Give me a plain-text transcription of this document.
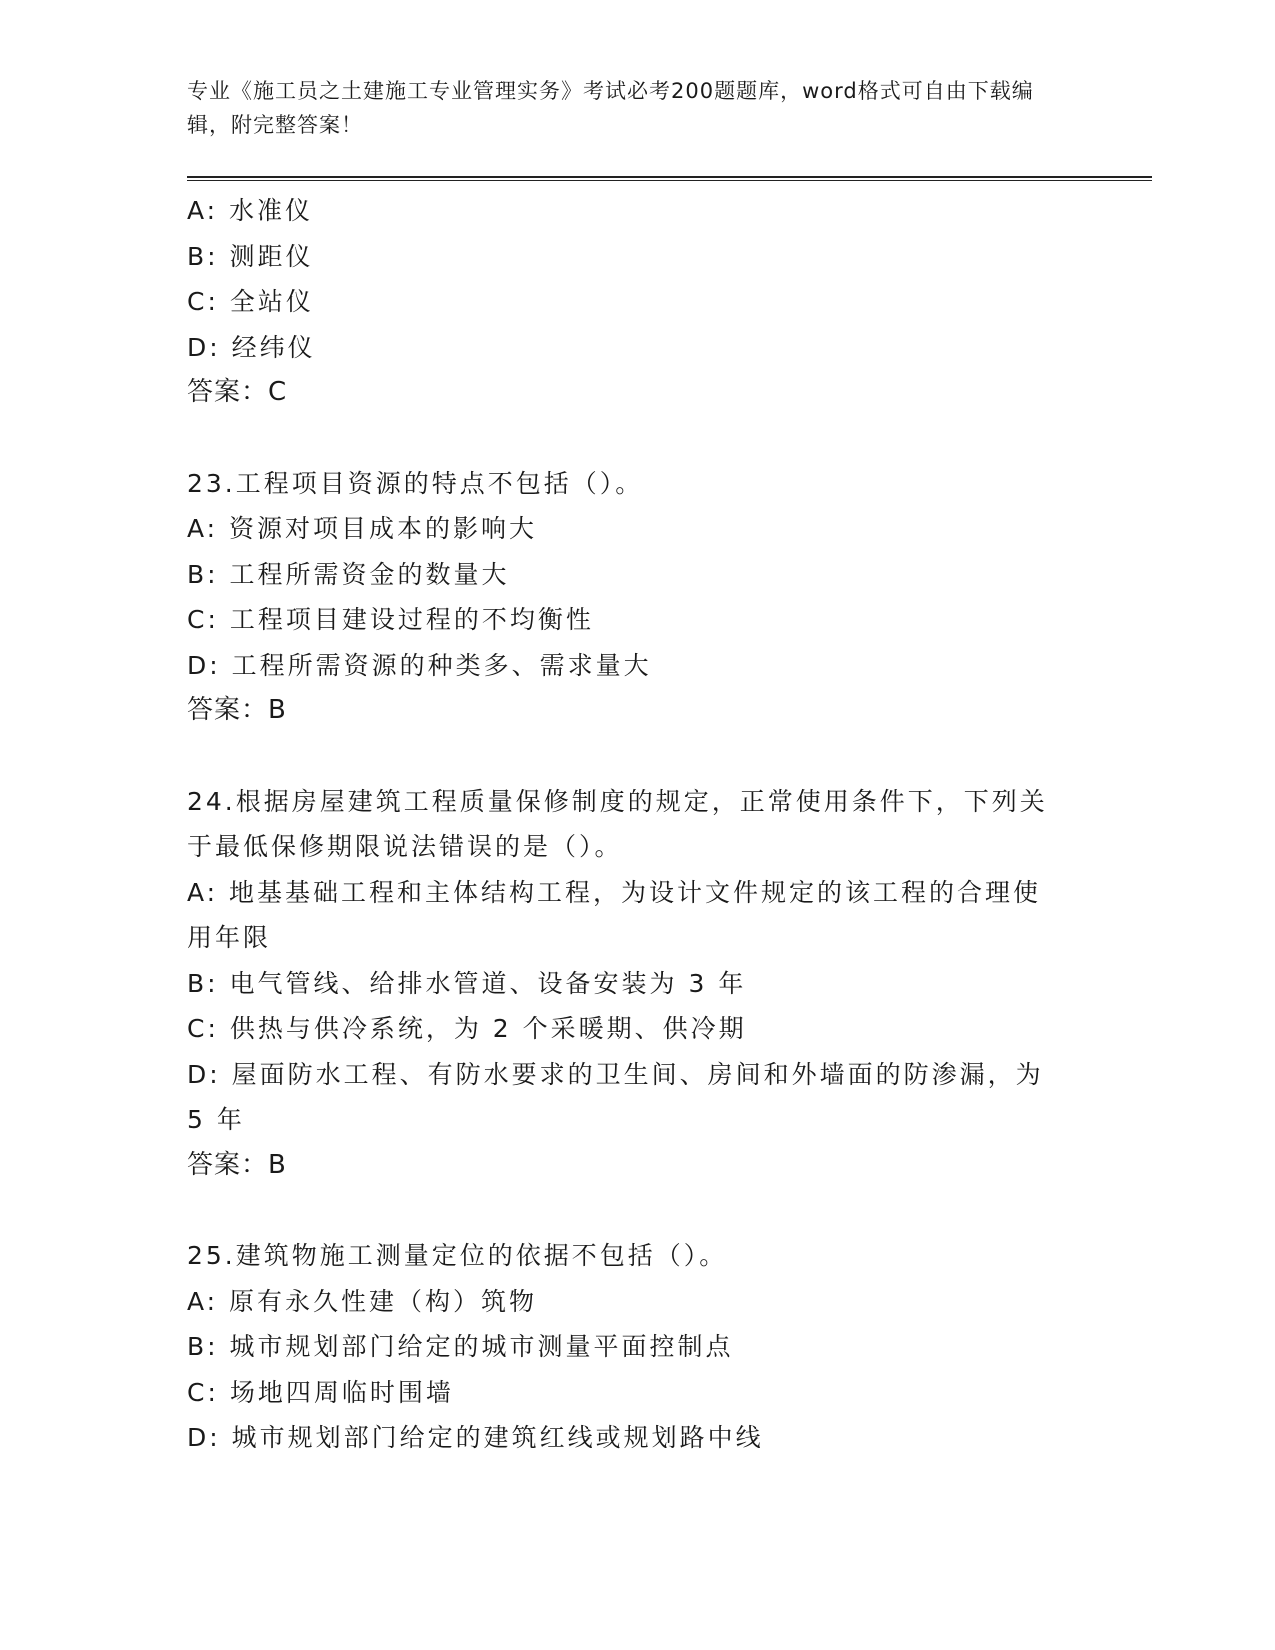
专业《施工员之土建施工专业管理实务》考试必考200题题库，word格式可自由下载编辑，附完整答案！
A: 水准仪
B: 测距仪
C: 全站仪
D: 经纬仪
答案：C
23.工程项目资源的特点不包括（）。
A: 资源对项目成本的影响大
B: 工程所需资金的数量大
C: 工程项目建设过程的不均衡性
D: 工程所需资源的种类多、需求量大
答案：B
24.根据房屋建筑工程质量保修制度的规定，正常使用条件下，下列关
于最低保修期限说法错误的是（）。
A: 地基基础工程和主体结构工程，为设计文件规定的该工程的合理使
用年限
B: 电气管线、给排水管道、设备安装为 3 年
C: 供热与供冷系统，为 2 个采暖期、供冷期
D: 屋面防水工程、有防水要求的卫生间、房间和外墙面的防渗漏，为
5 年
答案：B
25.建筑物施工测量定位的依据不包括（）。
A: 原有永久性建（构）筑物
B: 城市规划部门给定的城市测量平面控制点
C: 场地四周临时围墙
D: 城市规划部门给定的建筑红线或规划路中线
